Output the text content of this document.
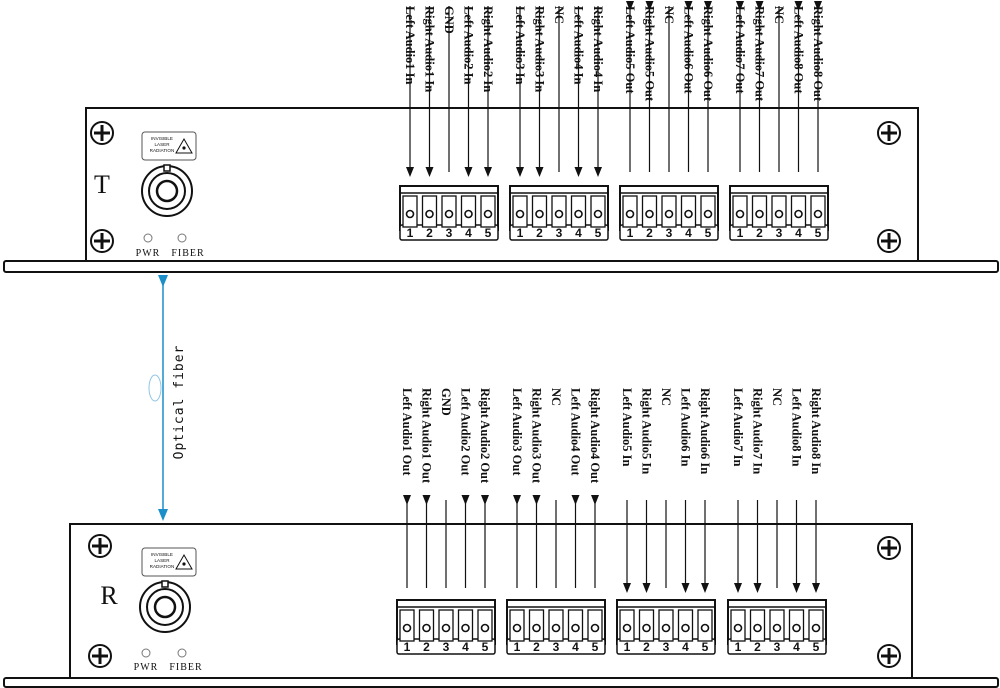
T
INVISIBLE
LASER
RADIATION
PWR FIBER
1
Left Audio1 In
2
Right Audio1 In
3
GND
4
Left Audio2 In
5
Right Audio2 In
1
Left Audio3 In
2
Right Audio3 In
3
NC
4
Left Audio4 In
5
Right Audio4 In
1
Left Audio5 Out
2
Right Audio5 Out
3
NC
4
Left Audio6 Out
5
Right Audio6 Out
1
Left Audio7 Out
2
Right Audio7 Out
3
NC
4
Left Audio8 Out
5
Right Audio8 Out
R
INVISIBLE
LASER
RADIATION
PWR FIBER
1
Left Audio1 Out
2
Right Audio1 Out
3
GND
4
Left Audio2 Out
5
Right Audio2 Out
1
Left Audio3 Out
2
Right Audio3 Out
3
NC
4
Left Audio4 Out
5
Right Audio4 Out
1
Left Audio5 In
2
Right Audio5 In
3
NC
4
Left Audio6 In
5
Right Audio6 In
1
Left Audio7 In
2
Right Audio7 In
3
NC
4
Left Audio8 In
5
Right Audio8 In
Optical fiber
